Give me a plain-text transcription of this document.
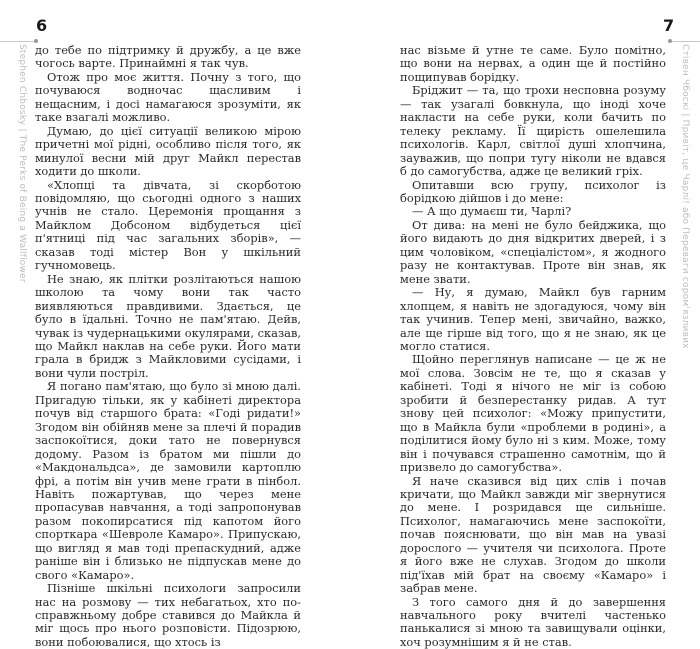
6
Stephen Chbosky | The Perks of Being a Wallflower до тебе по підтримку й дружбу, а це вже чогось варте. Принаймні я так чув.

Отож про моє життя. Почну з того, що почуваюся водночас щасливим і нещасним, і досі намагаюся зрозуміти, як таке взагалі можливо.

Думаю, до цієї ситуації великою мірою причетні мої рідні, особливо після того, як минулої весни мій друг Майкл перестав ходити до школи.

«Хлопці та дівчата, зі скорботою повідомляю, що сьогодні одного з наших учнів не стало. Церемонія прощання з Майклом Добсоном відбудеться цієї п'ятниці під час загальних зборів», — сказав тоді містер Вон у шкільний гучномовець.

Не знаю, як плітки розлітаються нашою школою та чому вони так часто виявляються правдивими. Здається, це було в їдальні. Точно не пам'ятаю. Дейв, чувак із чудернацькими окулярами, сказав, що Майкл наклав на себе руки. Його мати грала в бридж з Майкловими сусідами, і вони чули постріл.

Я погано пам'ятаю, що було зі мною далі. Пригадую тільки, як у кабінеті директора почув від старшого брата: «Годі ридати!» Згодом він обійняв мене за плечі й порадив заспокоїтися, доки тато не повернувся додому. Разом із братом ми пішли до «Макдональдса», де замовили картоплю фрі, а потім він учив мене грати в пінбол. Навіть пожартував, що через мене пропасував навчання, а тоді запропонував разом покопирсатися під капотом його спорткара «Шевроле Камаро». Припускаю, що вигляд я мав тоді препаскудний, адже раніше він і близько не підпускав мене до свого «Камаро».

Пізніше шкільні психологи запросили нас на розмову — тих небагатьох, хто по-справжньому добре ставився до Майкла й міг щось про нього розповісти. Підозрюю, вони побоювалися, що хтось із

7
Стівен Чбоскі | Привіт, це Чарлі! або Переваги сором'язливих

нас візьме й утне те саме. Було помітно, що вони на нервах, а один ще й постійно пощипував борідку.

Бріджит — та, що трохи несповна розуму — так узагалі бовкнула, що іноді хоче накласти на себе руки, коли бачить по телеку рекламу. Її щирість ошелешила психологів. Карл, світлої душі хлопчина, зауважив, що попри тугу ніколи не вдався б до самогубства, адже це великий гріх.

Опитавши всю групу, психолог із борідкою дійшов і до мене:

— А що думаєш ти, Чарлі?

От дива: на мені не було бейджика, що його видають до дня відкритих дверей, і з цим чоловіком, «спеціалістом», я жодного разу не контактував. Проте він знав, як мене звати.

— Ну, я думаю, Майкл був гарним хлопцем, я навіть не здогадуюся, чому він так учинив. Тепер мені, звичайно, важко, але ще гірше від того, що я не знаю, як це могло статися.

Щойно переглянув написане — це ж не мої слова. Зовсім не те, що я сказав у кабінеті. Тоді я нічого не міг із собою зробити й безперестанку ридав. А тут знову цей психолог: «Можу припустити, що в Майкла були «проблеми в родині», а поділитися йому було ні з ким. Може, тому він і почувався страшенно самотнім, що й призвело до самогубства».

Я наче сказився від цих слів і почав кричати, що Майкл завжди міг звернутися до мене. І розридався ще сильніше. Психолог, намагаючись мене заспокоїти, почав пояснювати, що він мав на увазі дорослого — учителя чи психолога. Проте я його вже не слухав. Згодом до школи під'їхав мій брат на своєму «Камаро» і забрав мене.

З того самого дня й до завершення навчального року вчителі частенько панькалися зі мною та завищували оцінки, хоч розумнішим я й не став.
